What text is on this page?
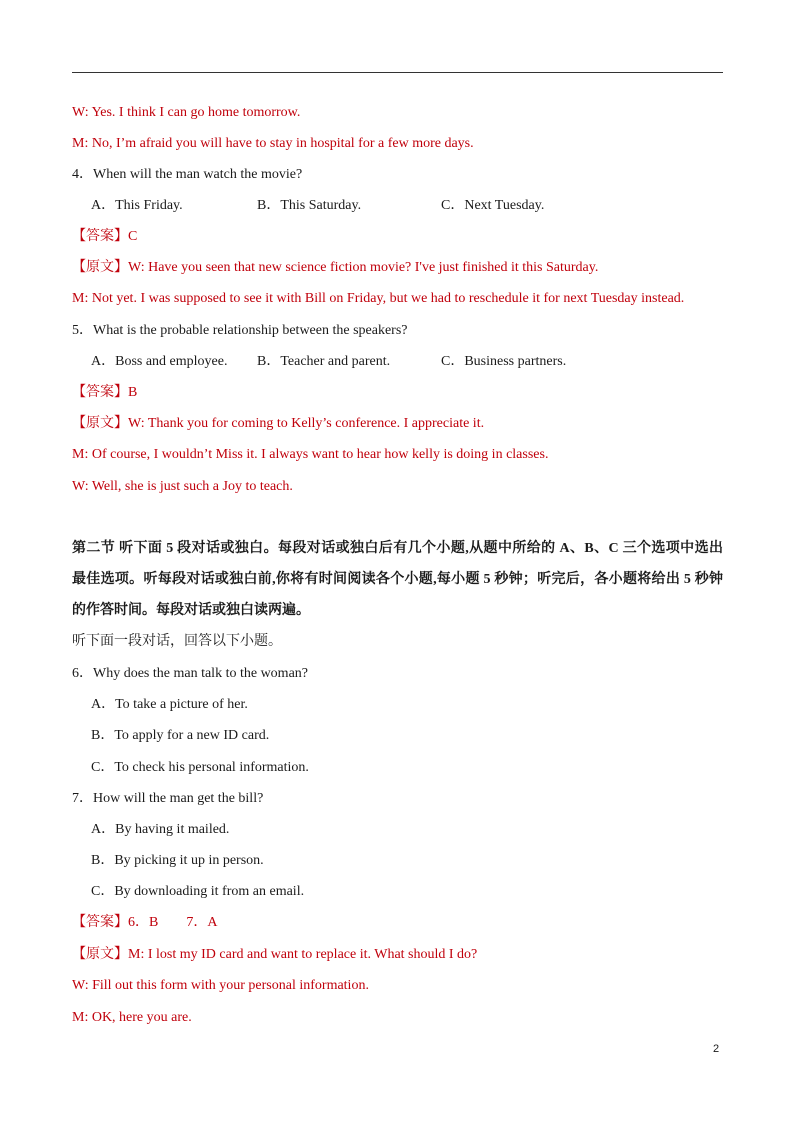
W: Yes. I think I can go home tomorrow.
M: No, I’m afraid you will have to stay in hospital for a few more days.
4．When will the man watch the movie?
A．This Friday.	B．This Saturday.	C．Next Tuesday.
【答案】C
【原文】W: Have you seen that new science fiction movie? I've just finished it this Saturday.
M: Not yet. I was supposed to see it with Bill on Friday, but we had to reschedule it for next Tuesday instead.
5．What is the probable relationship between the speakers?
A．Boss and employee. B．Teacher and parent.	C．Business partners.
【答案】B
【原文】W: Thank you for coming to Kelly’s conference. I appreciate it.
M: Of course, I wouldn’t Miss it. I always want to hear how kelly is doing in classes.
W: Well, she is just such a Joy to teach.
第二节 听下面 5 段对话或独白。每段对话或独白后有几个小题,从题中所给的 A、B、C 三个选项中选出
最佳选项。听每段对话或独白前,你将有时间阅读各个小题,每小题 5 秒钟；听完后，各小题将给出 5 秒钟
的作答时间。每段对话或独白读两遍。
听下面一段对话，回答以下小题。
6．Why does the man talk to the woman?
A．To take a picture of her.
B．To apply for a new ID card.
C．To check his personal information.
7．How will the man get the bill?
A．By having it mailed.
B．By picking it up in person.
C．By downloading it from an email.
【答案】6．B　　7．A
【原文】M: I lost my ID card and want to replace it. What should I do?
W: Fill out this form with your personal information.
M: OK, here you are.
2
